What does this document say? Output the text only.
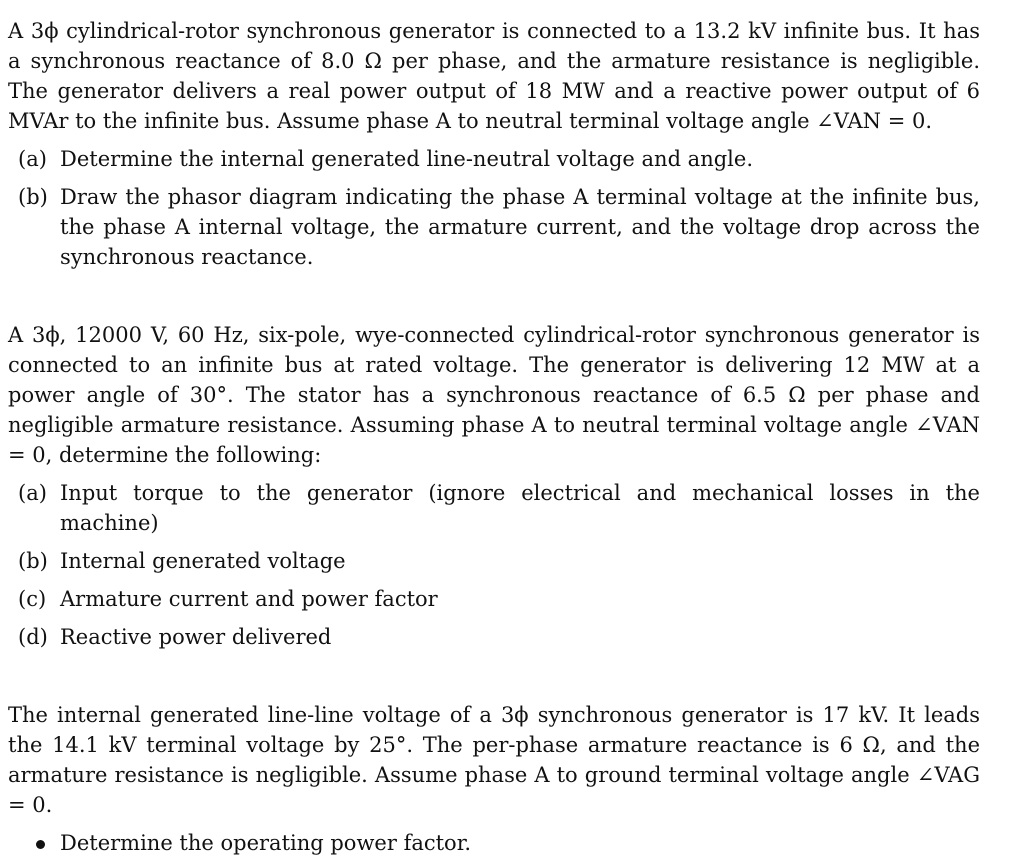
A 3ϕ cylindrical-rotor synchronous generator is connected to a 13.2 kV infinite bus. It has a synchronous reactance of 8.0 Ω per phase, and the armature resistance is negligible. The generator delivers a real power output of 18 MW and a reactive power output of 6 MVAr to the infinite bus. Assume phase A to neutral terminal voltage angle ∠VAN = 0.

(a) Determine the internal generated line-neutral voltage and angle.
(b) Draw the phasor diagram indicating the phase A terminal voltage at the infinite bus, the phase A internal voltage, the armature current, and the voltage drop across the synchronous reactance.

A 3ϕ, 12000 V, 60 Hz, six-pole, wye-connected cylindrical-rotor synchronous generator is connected to an infinite bus at rated voltage. The generator is delivering 12 MW at a power angle of 30°. The stator has a synchronous reactance of 6.5 Ω per phase and negligible armature resistance. Assuming phase A to neutral terminal voltage angle ∠VAN = 0, determine the following:

(a) Input torque to the generator (ignore electrical and mechanical losses in the machine)
(b) Internal generated voltage
(c) Armature current and power factor
(d) Reactive power delivered

The internal generated line-line voltage of a 3ϕ synchronous generator is 17 kV. It leads the 14.1 kV terminal voltage by 25°. The per-phase armature reactance is 6 Ω, and the armature resistance is negligible. Assume phase A to ground terminal voltage angle ∠VAG = 0.

Determine the operating power factor.
